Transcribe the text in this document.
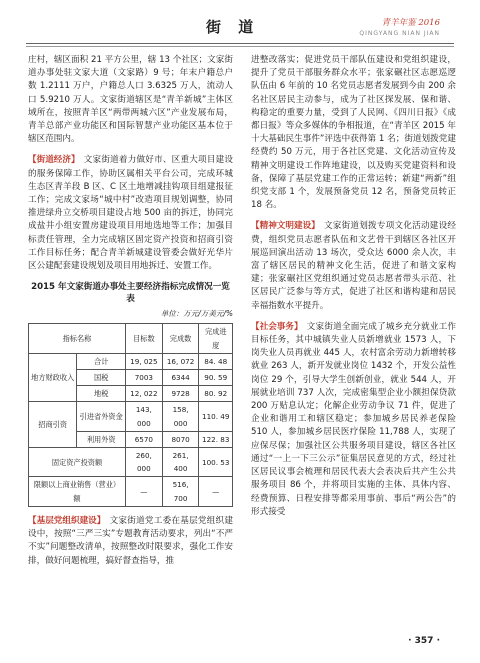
街 道	青羊年鉴 2016
QINGYANG NIAN JIAN

庄村，辖区面积 21 平方公里，辖 13 个社区；文家街道办事处驻文家大道（文家路）9 号；年末户籍总户数 1.2111 万户，户籍总人口 3.6325 万人，流动人口 5.9210 万人。文家街道辖区是“青羊新城”主体区域所在，按照青羊区“两带两城六区”产业发展布局，青羊总部产业功能区和国际智慧产业功能区基本位于辖区范围内。

【街道经济】 文家街道着力做好市、区重大项目建设的服务保障工作，协助区属相关平台公司，完成环城生态区青羊段 B 区、C 区土地增减挂钩项目组建报征工作；完成文家场“城中村”改造项目规划调整，协同推进绿舟立交桥项目建设占地 500 亩的拆迁，协同完成盐井小组安置房建设项目用地选地等工作；加强目标责任管理，全力完成辖区固定资产投资和招商引资工作目标任务；配合青羊新城建设管委会做好光华片区公建配套建设规划及项目用地拆迁、安置工作。

2015 年文家街道办事处主要经济指标完成情况一览表
单位：万元/万美元/%
指标名称		目标数	完成数	完成进度
地方财政收入	合计	19, 025	16, 072	84. 48
	国税	7003	6344	90. 59
	地税	12, 022	9728	80. 92
招商引资	引进省外资金	143, 000	158, 000	110. 49
	利用外资	6570	8070	122. 83
固定资产投资额		260, 000	261, 400	100. 53
限额以上商业销售（营业）额		—	516, 700	—

【基层党组织建设】 文家街道党工委在基层党组织建设中，按照“三严三实”专题教育活动要求，列出“不严不实”问题整改清单，按照整改时限要求，强化工作安排，做好问题梳理，搞好督查指导，推

进整改落实；促进党员干部队伍建设和党组织建设，提升了党员干部服务群众水平；张家碾社区志愿巡逻队伍由 6 年前的 10 名党员志愿者发展到今由 200 余名社区居民主动参与，成为了社区探发展、保和谐、构稳定的重要力量，受到了人民网、《四川日报》《成都日报》等众多媒体的争相报道，在“青羊区 2015 年十大基础民生事件”评选中获得第 1 名；街道划拨党建经费约 50 万元，用于各社区党建、文化活动宣传及精神文明建设工作阵地建设，以及购买党建资料和设备，保障了基层党建工作的正常运转；新建“两新”组织党支部 1 个，发展预备党员 12 名，预备党员转正 18 名。

【精神文明建设】 文家街道划拨专项文化活动建设经费，组织党员志愿者队伍和文艺骨干到辖区各社区开展巡回演出活动 13 场次，受众达 6000 余人次，丰富了辖区居民的精神文化生活，促进了和谐文家构建；张家碾社区党组织通过党员志愿者带头示范、社区居民广泛参与等方式，促进了社区和谐构建和居民幸福指数水平提升。

【社会事务】 文家街道全面完成了城乡充分就业工作目标任务，其中城镇失业人员新增就业 1573 人，下岗失业人员再就业 445 人，农村富余劳动力新增转移就业 263 人，新开发就业岗位 1432 个，开发公益性岗位 29 个，引导大学生创新创业，就业 544 人，开展就业培训 737 人次，完成密集型企业小额担保贷款 200 万贴息认定；化解企业劳动争议 71 件，促进了企业和谐用工和辖区稳定；参加城乡居民养老保险 510 人，参加城乡居民医疗保险 11,788 人，实现了应保尽保；加强社区公共服务项目建设，辖区各社区通过“一上一下三公示”征集居民意见的方式，经过社区居民议事会梳理和居民代表大会表决后共产生公共服务项目 86 个，并将项目实施的主体、具体内容、经费预算、日程安排等都采用事前、事后“两公告”的形式接受

· 357 ·
